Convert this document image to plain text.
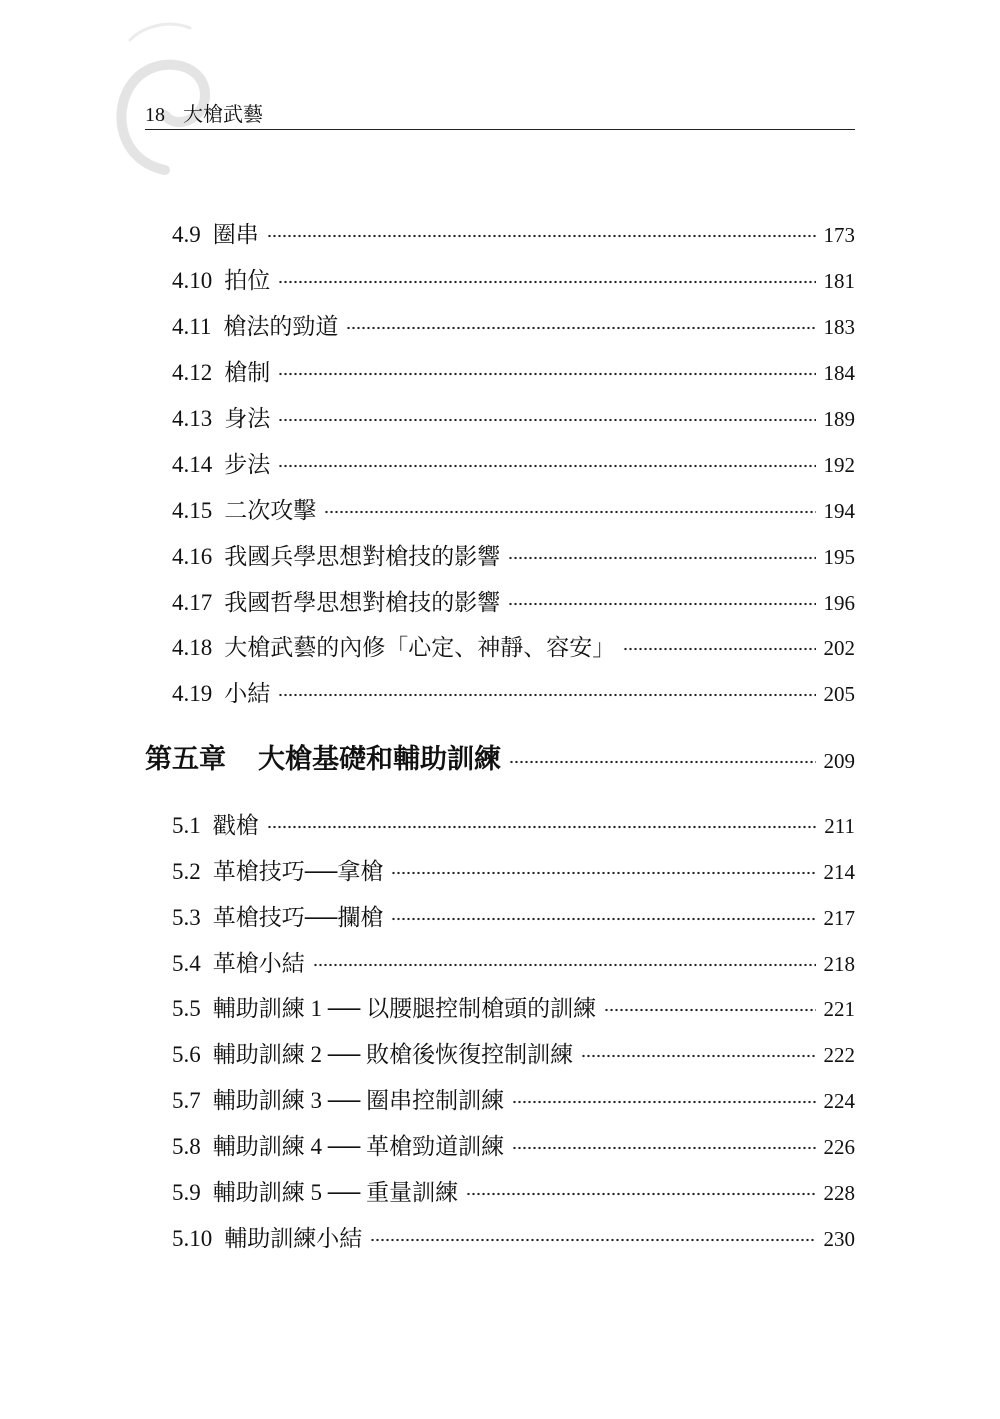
18 大槍武藝
4.9 圈串	173
4.10 拍位	181
4.11 槍法的勁道	183
4.12 槍制	184
4.13 身法	189
4.14 步法	192
4.15 二次攻擊	194
4.16 我國兵學思想對槍技的影響	195
4.17 我國哲學思想對槍技的影響	196
4.18 大槍武藝的內修「心定、神靜、容安」	202
4.19 小結	205
第五章 大槍基礎和輔助訓練	209
5.1 戳槍	211
5.2 革槍技巧──拿槍	214
5.3 革槍技巧──攔槍	217
5.4 革槍小結	218
5.5 輔助訓練 1 ── 以腰腿控制槍頭的訓練	221
5.6 輔助訓練 2 ── 敗槍後恢復控制訓練	222
5.7 輔助訓練 3 ── 圈串控制訓練	224
5.8 輔助訓練 4 ── 革槍勁道訓練	226
5.9 輔助訓練 5 ── 重量訓練	228
5.10 輔助訓練小結	230
